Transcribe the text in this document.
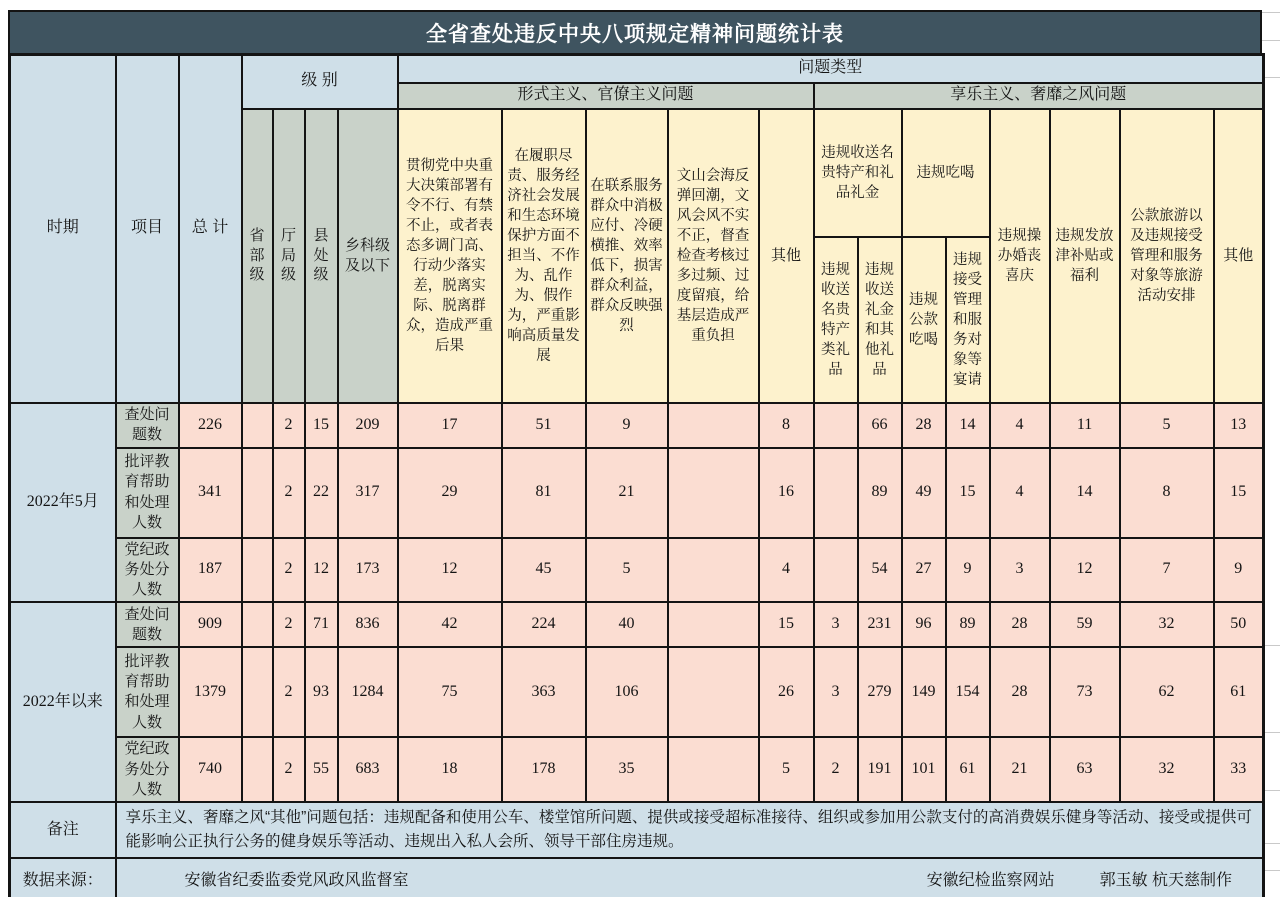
全省查处违反中央八项规定精神问题统计表
时期	项目	总 计	级 别				问题类型												
							形式主义、官僚主义问题					享乐主义、奢靡之风问题							
			省部级	厅局级	县处级	乡科级及以下	贯彻党中央重大决策部署有令不行、有禁不止，或者表态多调门高、行动少落实差，脱离实际、脱离群众，造成严重后果	在履职尽责、服务经济社会发展和生态环境保护方面不担当、不作为、乱作为、假作为，严重影响高质量发展	在联系服务群众中消极应付、冷硬横推、效率低下，损害群众利益，群众反映强烈	文山会海反弹回潮，文风会风不实不正，督查检查考核过多过频、过度留痕，给基层造成严重负担	其他	违规收送名贵特产和礼品礼金		违规吃喝		违规操办婚丧喜庆	违规发放津补贴或福利	公款旅游以及违规接受管理和服务对象等旅游活动安排	其他
												违规收送名贵特产类礼品	违规收送礼金和其他礼品	违规公款吃喝	违规接受管理和服务对象等宴请				
2022年5月	查处问题数	226		2	15	209	17	51	9		8		66	28	14	4	11	5	13
	批评教育帮助和处理人数	341		2	22	317	29	81	21		16		89	49	15	4	14	8	15
	党纪政务处分人数	187		2	12	173	12	45	5		4		54	27	9	3	12	7	9
2022年以来	查处问题数	909		2	71	836	42	224	40		15	3	231	96	89	28	59	32	50
	批评教育帮助和处理人数	1379		2	93	1284	75	363	106		26	3	279	149	154	28	73	62	61
	党纪政务处分人数	740		2	55	683	18	178	35		5	2	191	101	61	21	63	32	33
备注	享乐主义、奢靡之风“其他”问题包括：违规配备和使用公车、楼堂馆所问题、提供或接受超标准接待、组织或参加用公款支付的高消费娱乐健身等活动、接受或提供可能影响公正执行公务的健身娱乐等活动、违规出入私人会所、领导干部住房违规。																		
数据来源：	安徽省纪委监委党风政风监督室 安徽纪检监察网站 郭玉敏 杭天慈制作																		
